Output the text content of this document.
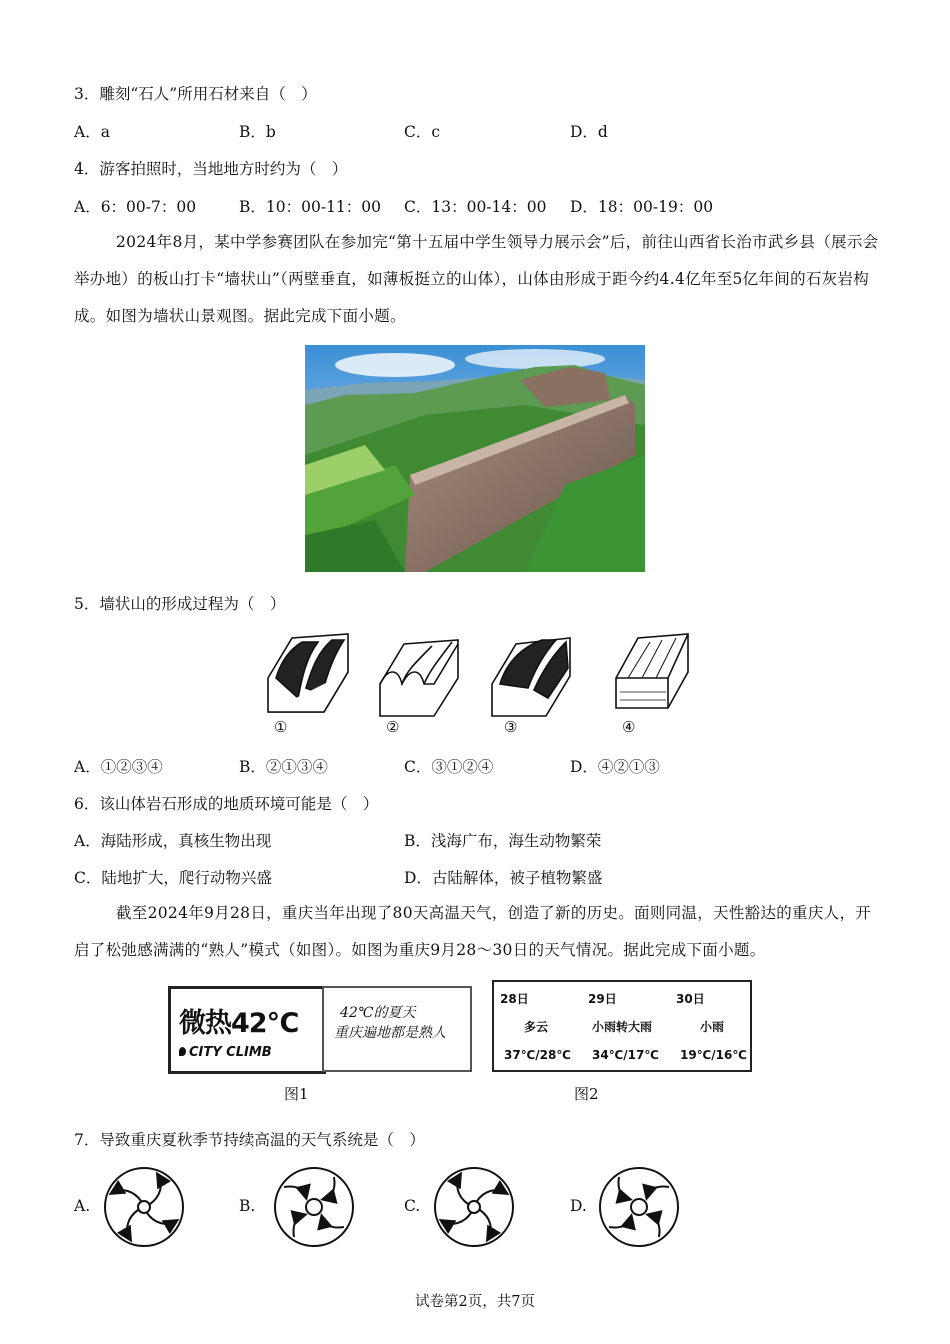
3．雕刻“石人”所用石材来自（　）
A．a	B．b	C．c	D．d
4．游客拍照时，当地地方时约为（　）
A．6：00-7：00	B．10：00-11：00 C．13：00-14：00 D．18：00-19：00
2024年8月，某中学参赛团队在参加完“第十五届中学生领导力展示会”后，前往山西省长治市武乡县（展示会举办地）的板山打卡“墙状山”（两壁垂直，如薄板挺立的山体），山体由形成于距今约4.4亿年至5亿年间的石灰岩构成。如图为墙状山景观图。据此完成下面小题。
5．墙状山的形成过程为（　）
①	②	③	④
A．①②③④	B．②①③④	C．③①②④	D．④②①③
6．该山体岩石形成的地质环境可能是（　）
A．海陆形成，真核生物出现	B．浅海广布，海生动物繁荣
C．陆地扩大，爬行动物兴盛	D．古陆解体，被子植物繁盛
截至2024年9月28日，重庆当年出现了80天高温天气，创造了新的历史。面则同温，天性豁达的重庆人，开启了松弛感满满的“熟人”模式（如图）。如图为重庆9月28～30日的天气情况。据此完成下面小题。
微热42℃
CITY CLIMB
42℃的夏天
重庆遍地都是熟人
图1
28日	29日	30日
多云	小雨转大雨	小雨
37℃/28℃ 34℃/17℃ 19℃/16℃
图2
7．导致重庆夏秋季节持续高温的天气系统是（　）
A.	B.	C.	D.
试卷第2页，共7页
